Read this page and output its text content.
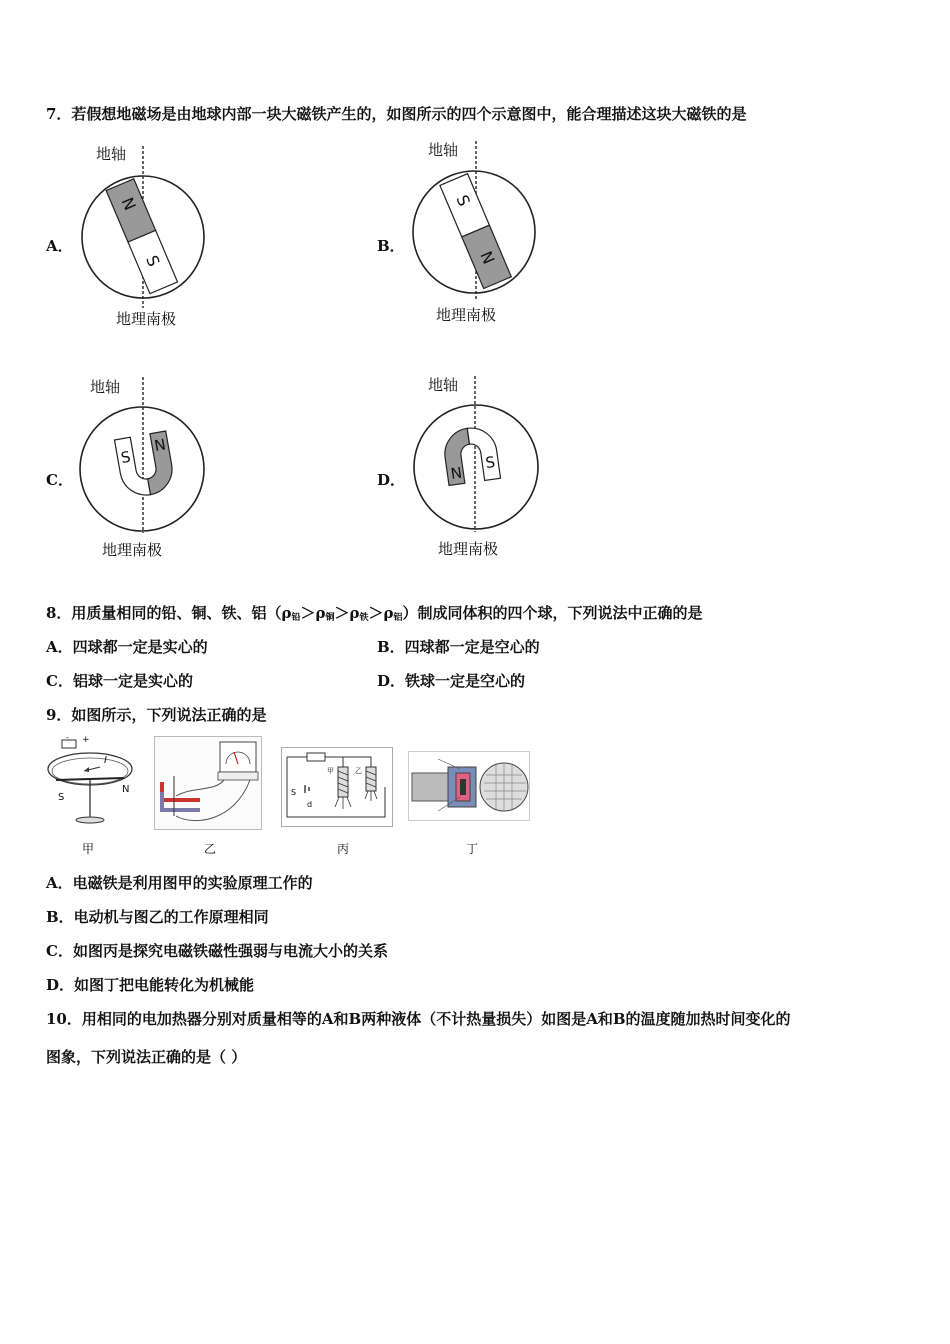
7．若假想地磁场是由地球内部一块大磁铁产生的，如图所示的四个示意图中，能合理描述这块大磁铁的是
N
S
地轴
地理南极
A．
S
N
地轴
地理南极
B．
S
N
地轴
地理南极
C．	N
S
地轴
地理南极
D．
8．用质量相同的铅、铜、铁、铝$(\rho_铅>\rho_铜>\rho_铁>\rho_铝)$制成同体积的四个球，下列说法中正确的是
A．四球都一定是实心的	B．四球都一定是空心的
C．铝球一定是实心的	D．铁球一定是空心的
9．如图所示，下列说法正确的是
- +
I
S
N	S
d
甲	乙
甲	乙	丙	丁
A．电磁铁是利用图甲的实验原理工作的
B．电动机与图乙的工作原理相同
C．如图丙是探究电磁铁磁性强弱与电流大小的关系
D．如图丁把电能转化为机械能
10．用相同的电加热器分别对质量相等的A和B两种液体（不计热量损失）如图是A和B的温度随加热时间变化的
图象，下列说法正确的是（ ）
